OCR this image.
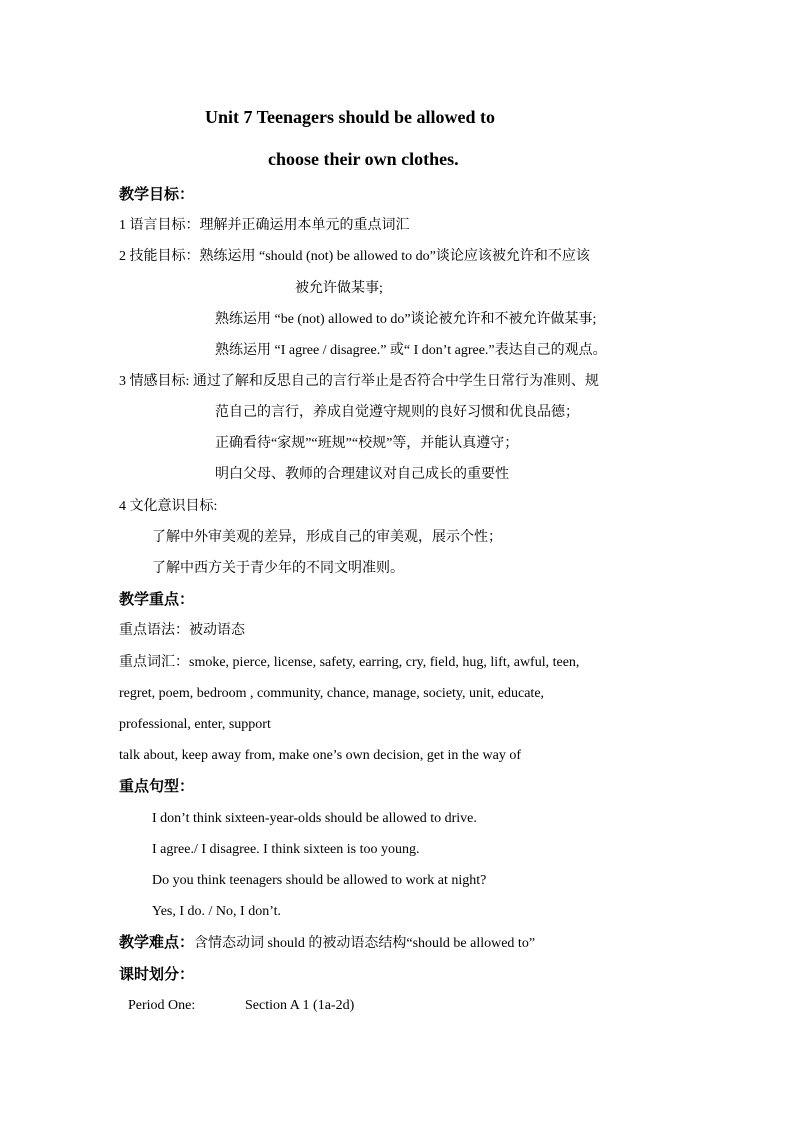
Unit 7 Teenagers should be allowed to
choose their own clothes.
教学目标：
1 语言目标：理解并正确运用本单元的重点词汇
2 技能目标：熟练运用 “should (not) be allowed to do”谈论应该被允许和不应该
被允许做某事;
熟练运用 “be (not) allowed to do”谈论被允许和不被允许做某事;
熟练运用 “I agree / disagree.” 或“ I don’t agree.”表达自己的观点。
3 情感目标: 通过了解和反思自己的言行举止是否符合中学生日常行为准则、规
范自己的言行，养成自觉遵守规则的良好习惯和优良品德；
正确看待“家规”“班规”“校规”等，并能认真遵守；
明白父母、教师的合理建议对自己成长的重要性
4 文化意识目标:
了解中外审美观的差异，形成自己的审美观，展示个性；
了解中西方关于青少年的不同文明准则。
教学重点：
重点语法：被动语态
重点词汇：smoke, pierce, license, safety, earring, cry, field, hug, lift, awful, teen,
regret, poem, bedroom , community, chance, manage, society, unit, educate,
professional, enter, support
talk about, keep away from, make one’s own decision, get in the way of
重点句型：
I don’t think sixteen-year-olds should be allowed to drive.
I agree./ I disagree. I think sixteen is too young.
Do you think teenagers should be allowed to work at night?
Yes, I do. / No, I don’t.
教学难点：含情态动词 should 的被动语态结构“should be allowed to”
课时划分：
Period One:	Section A 1 (1a-2d)
